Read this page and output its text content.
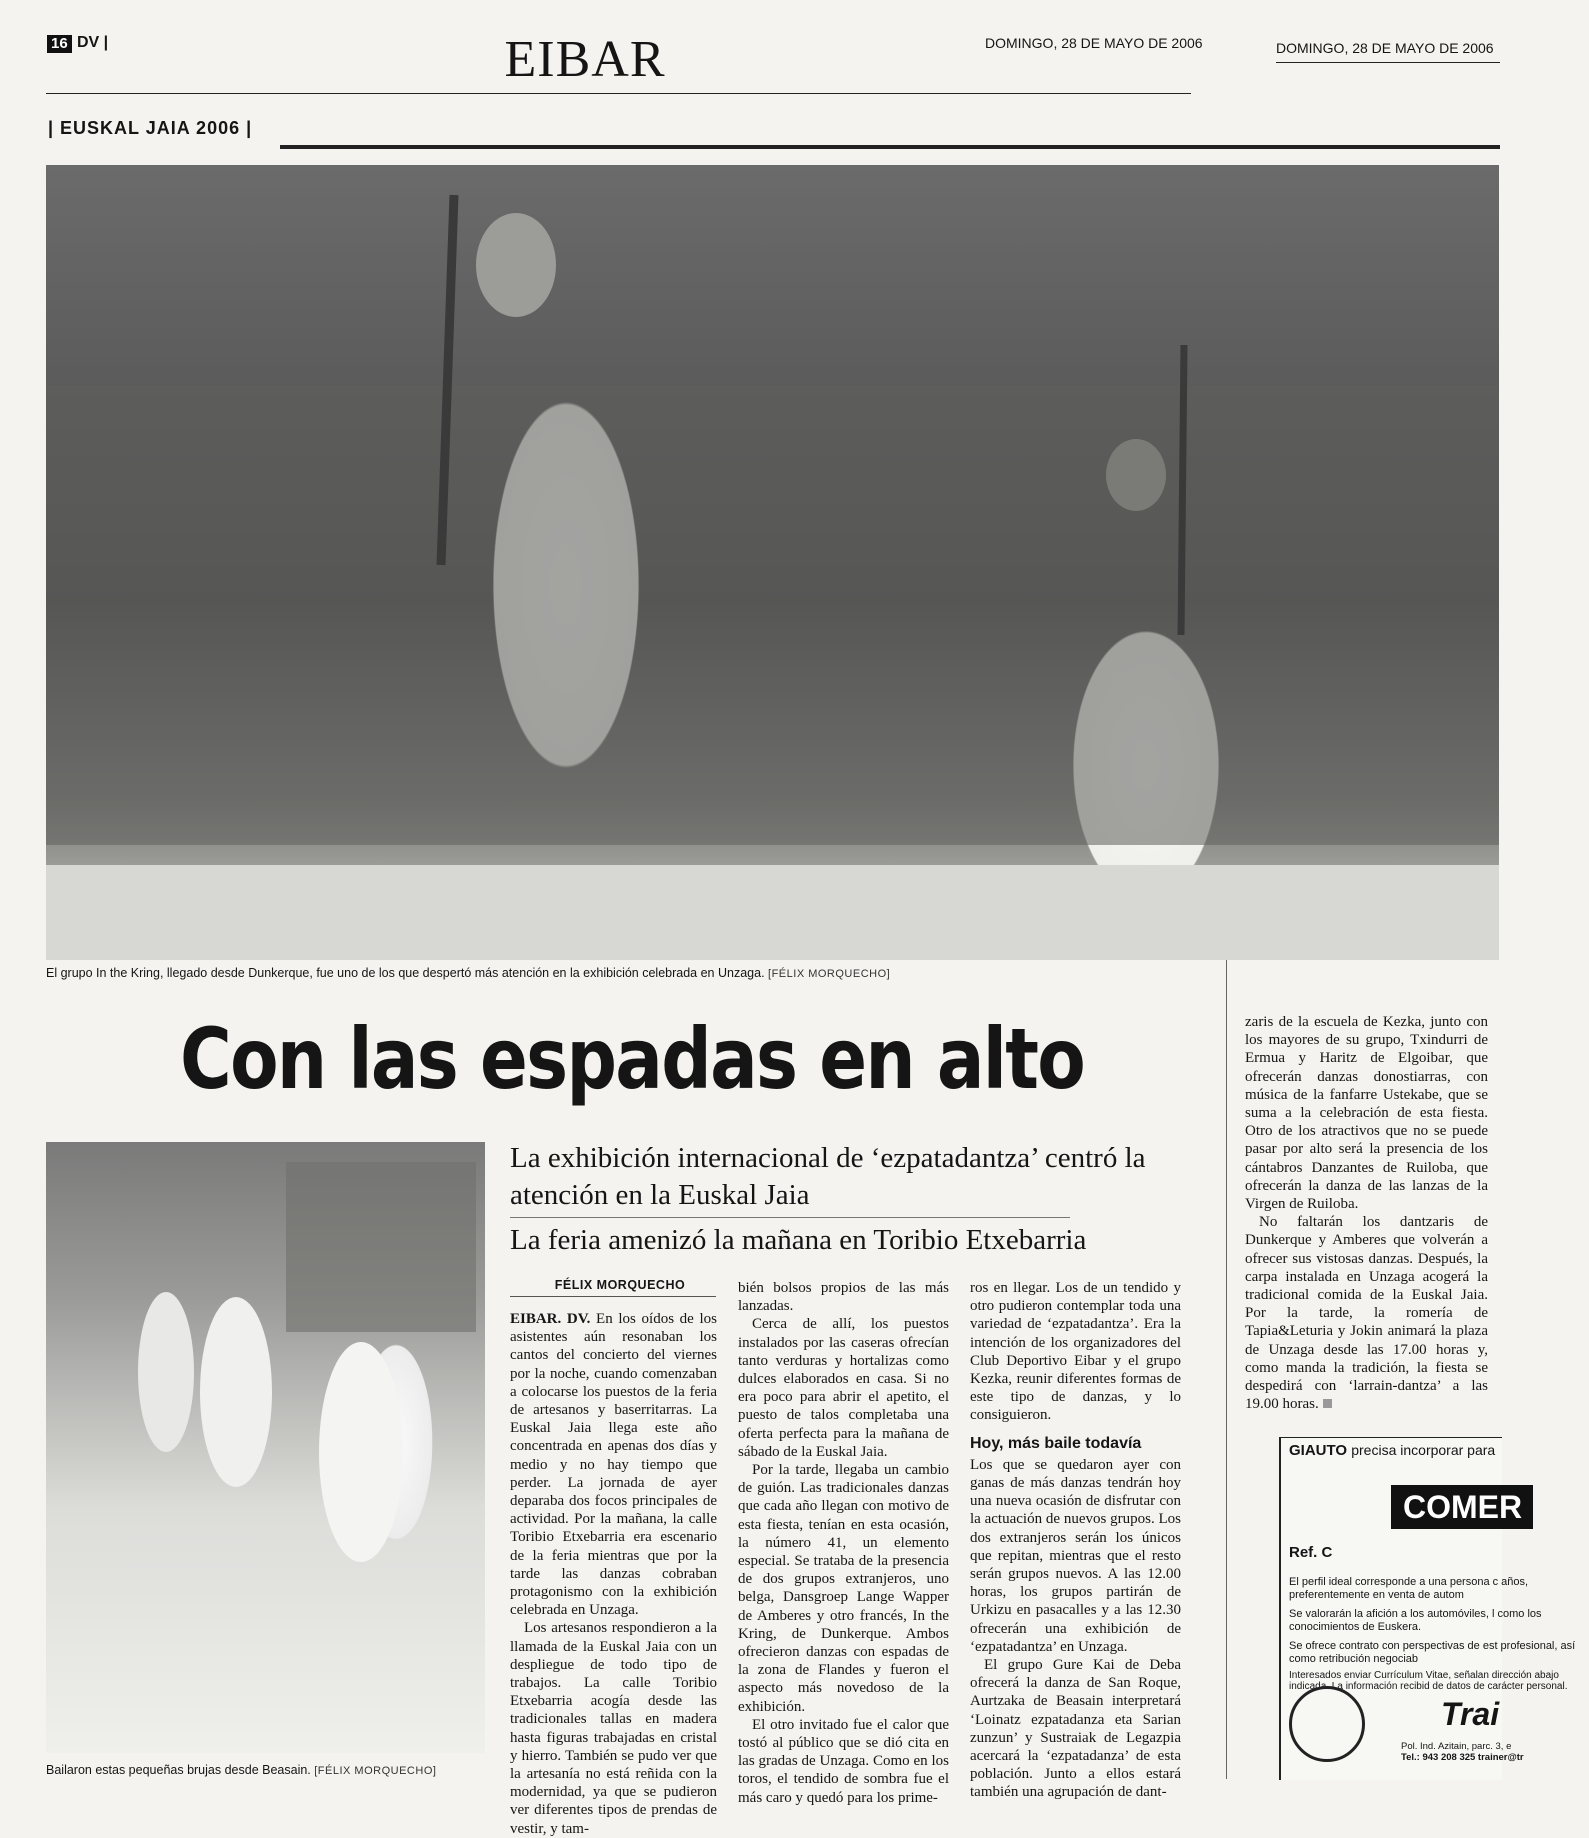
16 DV |	EIBAR	DOMINGO, 28 DE MAYO DE 2006	DOMINGO, 28 DE MAYO DE 2006
| EUSKAL JAIA 2006 |
El grupo In the Kring, llegado desde Dunkerque, fue uno de los que despertó más atención en la exhibición celebrada en Unzaga. [FÉLIX MORQUECHO]
Con las espadas en alto
Bailaron estas pequeñas brujas desde Beasain. [FÉLIX MORQUECHO]
La exhibición internacional de ‘ezpatadantza’ centró la atención en la Euskal Jaia
La feria amenizó la mañana en Toribio Etxebarria
FÉLIX MORQUECHO

EIBAR. DV. En los oídos de los asistentes aún resonaban los cantos del concierto del viernes por la noche, cuando comenzaban a colocarse los puestos de la feria de artesanos y baserritarras. La Euskal Jaia llega este año concentrada en apenas dos días y medio y no hay tiempo que perder. La jornada de ayer deparaba dos focos principales de actividad. Por la mañana, la calle Toribio Etxebarria era escenario de la feria mientras que por la tarde las danzas cobraban protagonismo con la exhibición celebrada en Unzaga.

Los artesanos respondieron a la llamada de la Euskal Jaia con un despliegue de todo tipo de trabajos. La calle Toribio Etxebarria acogía desde las tradicionales tallas en madera hasta figuras trabajadas en cristal y hierro. También se pudo ver que la artesanía no está reñida con la modernidad, ya que se pudieron ver diferentes tipos de prendas de vestir, y tam-

bién bolsos propios de las más lanzadas.

Cerca de allí, los puestos instalados por las caseras ofrecían tanto verduras y hortalizas como dulces elaborados en casa. Si no era poco para abrir el apetito, el puesto de talos completaba una oferta perfecta para la mañana de sábado de la Euskal Jaia.

Por la tarde, llegaba un cambio de guión. Las tradicionales danzas que cada año llegan con motivo de esta fiesta, tenían en esta ocasión, la número 41, un elemento especial. Se trataba de la presencia de dos grupos extranjeros, uno belga, Dansgroep Lange Wapper de Amberes y otro francés, In the Kring, de Dunkerque. Ambos ofrecieron danzas con espadas de la zona de Flandes y fueron el aspecto más novedoso de la exhibición.

El otro invitado fue el calor que tostó al público que se dió cita en las gradas de Unzaga. Como en los toros, el tendido de sombra fue el más caro y quedó para los prime-

ros en llegar. Los de un tendido y otro pudieron contemplar toda una variedad de ‘ezpatadantza’. Era la intención de los organizadores del Club Deportivo Eibar y el grupo Kezka, reunir diferentes formas de este tipo de danzas, y lo consiguieron.

Hoy, más baile todavía

Los que se quedaron ayer con ganas de más danzas tendrán hoy una nueva ocasión de disfrutar con la actuación de nuevos grupos. Los dos extranjeros serán los únicos que repitan, mientras que el resto serán grupos nuevos. A las 12.00 horas, los grupos partirán de Urkizu en pasacalles y a las 12.30 ofrecerán una exhibición de ‘ezpatadantza’ en Unzaga.

El grupo Gure Kai de Deba ofrecerá la danza de San Roque, Aurtzaka de Beasain interpretará ‘Loinatz ezpatadanza eta Sarian zunzun’ y Sustraiak de Legazpia acercará la ‘ezpatadanza’ de esta población. Junto a ellos estará también una agrupación de dant-

zaris de la escuela de Kezka, junto con los mayores de su grupo, Txindurri de Ermua y Haritz de Elgoibar, que ofrecerán danzas donostiarras, con música de la fanfarre Ustekabe, que se suma a la celebración de esta fiesta. Otro de los atractivos que no se puede pasar por alto será la presencia de los cántabros Danzantes de Ruiloba, que ofrecerán la danza de las lanzas de la Virgen de Ruiloba.

No faltarán los dantzaris de Dunkerque y Amberes que volverán a ofrecer sus vistosas danzas. Después, la carpa instalada en Unzaga acogerá la tradicional comida de la Euskal Jaia. Por la tarde, la romería de Tapia&Leturia y Jokin animará la plaza de Unzaga desde las 17.00 horas y, como manda la tradición, la fiesta se despedirá con ‘larrain-dantza’ a las 19.00 horas.

GIAUTO precisa incorporar para
COMER
Ref. C
El perfil ideal corresponde a una persona c años, preferentemente en venta de autom
Se valorarán la afición a los automóviles, l como los conocimientos de Euskera.
Se ofrece contrato con perspectivas de est profesional, así como retribución negociab
Interesados enviar Currículum Vitae, señalan dirección abajo indicada. La información recibid de datos de carácter personal.
Trai
Pol. Ind. Azitain, parc. 3, e
Tel.: 943 208 325 trainer@tr
